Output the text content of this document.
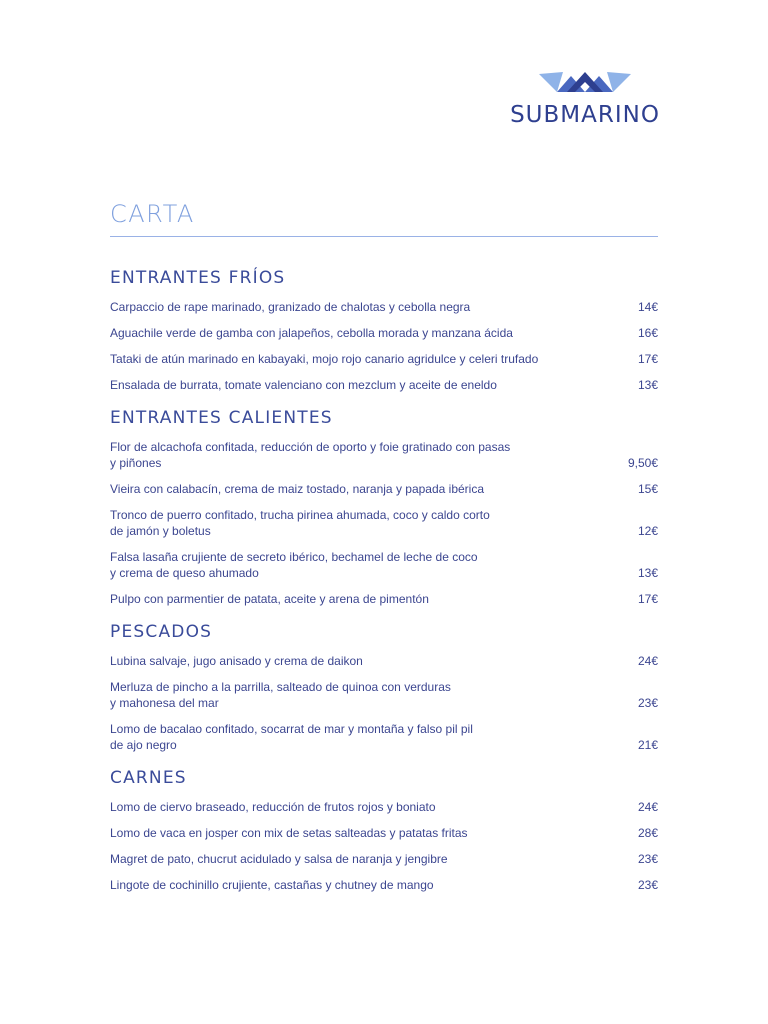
SUBMARINO
CARTA
ENTRANTES FRÍOS
Carpaccio de rape marinado, granizado de chalotas y cebolla negra	14€
Aguachile verde de gamba con jalapeños, cebolla morada y manzana ácida	16€
Tataki de atún marinado en kabayaki, mojo rojo canario agridulce y celeri trufado	17€
Ensalada de burrata, tomate valenciano con mezclum y aceite de eneldo	13€
ENTRANTES CALIENTES
Flor de alcachofa confitada, reducción de oporto y foie gratinado con pasas
y piñones	9,50€
Vieira con calabacín, crema de maiz tostado, naranja y papada ibérica	15€
Tronco de puerro confitado, trucha pirinea ahumada, coco y caldo corto
de jamón y boletus	12€
Falsa lasaña crujiente de secreto ibérico, bechamel de leche de coco
y crema de queso ahumado	13€
Pulpo con parmentier de patata, aceite y arena de pimentón	17€
PESCADOS
Lubina salvaje, jugo anisado y crema de daikon	24€
Merluza de pincho a la parrilla, salteado de quinoa con verduras
y mahonesa del mar	23€
Lomo de bacalao confitado, socarrat de mar y montaña y falso pil pil
de ajo negro	21€
CARNES
Lomo de ciervo braseado, reducción de frutos rojos y boniato	24€
Lomo de vaca en josper con mix de setas salteadas y patatas fritas	28€
Magret de pato, chucrut acidulado y salsa de naranja y jengibre	23€
Lingote de cochinillo crujiente, castañas y chutney de mango	23€
